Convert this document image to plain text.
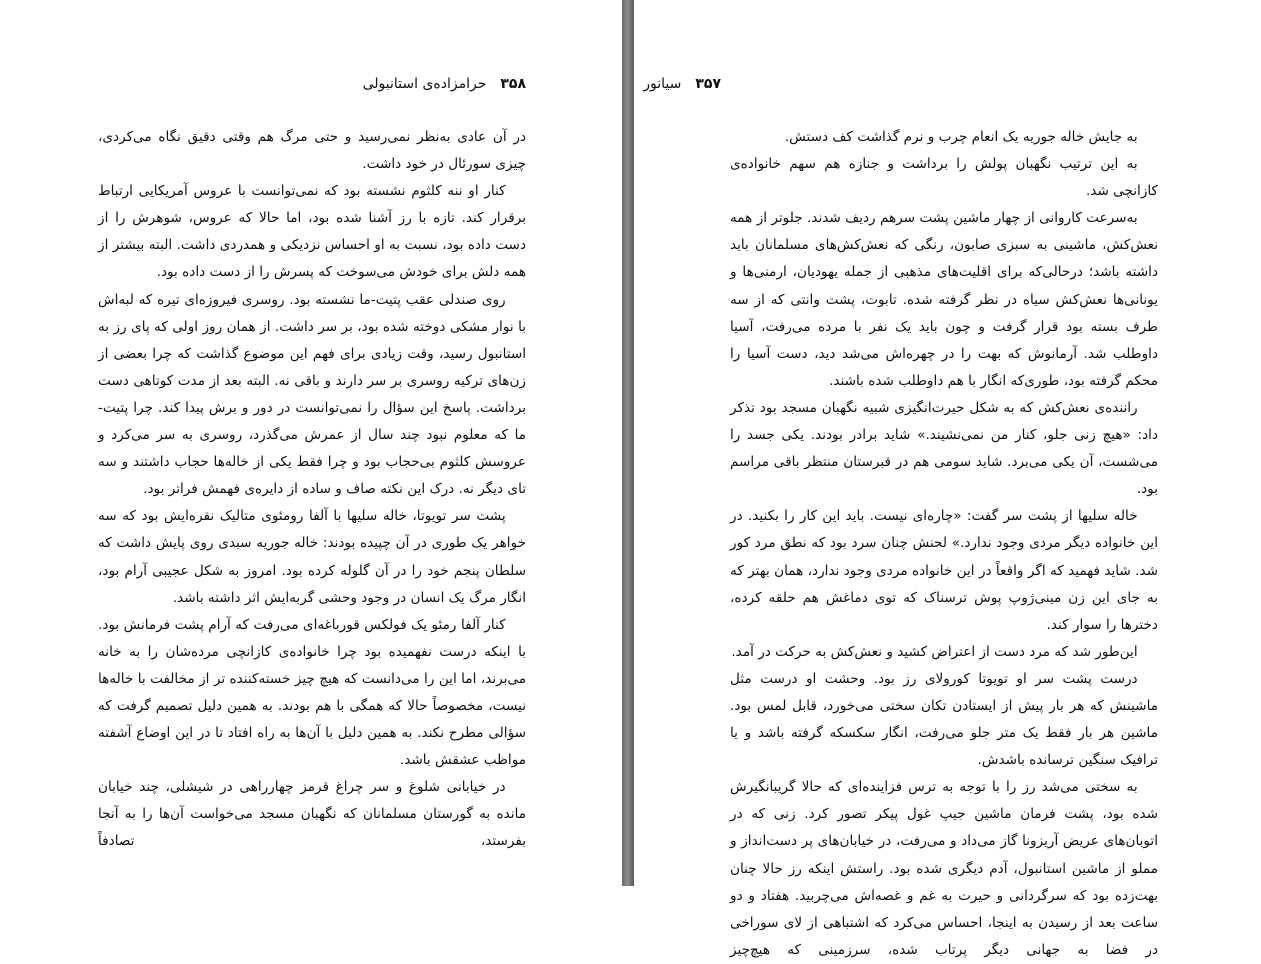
۳۵۸
حرامزاده‌ی استانبولی

در آن عادی به‌نظر نمی‌رسید و حتی مرگ هم وقتی دقیق نگاه می‌کردی، چیزی سورئال در خود داشت.

کنار او ننه کلثوم نشسته بود که نمی‌توانست با عروس آمریکایی ارتباط برقرار کند. تازه با رز آشنا شده بود، اما حالا که عروس، شوهرش را از دست داده بود، نسبت به او احساس نزدیکی و همدردی داشت. البته بیشتر از همه دلش برای خودش می‌سوخت که پسرش را از دست داده بود.

روی صندلی عقب پتیت-ما نشسته بود. روسری فیروزه‌ای تیره که لبه‌اش با نوار مشکی دوخته شده بود، بر سر داشت. از همان روز اولی که پای رز به استانبول رسید، وقت زیادی برای فهم این موضوع گذاشت که چرا بعضی از زن‌های ترکیه روسری بر سر دارند و باقی نه. البته بعد از مدت کوتاهی دست برداشت. پاسخ این سؤال را نمی‌توانست در دور و برش پیدا کند. چرا پتیت-ما که معلوم نبود چند سال از عمرش می‌گذرد، روسری به سر می‌کرد و عروسش کلثوم بی‌حجاب بود و چرا فقط یکی از خاله‌ها حجاب داشتند و سه تای دیگر نه. درک این نکته صاف و ساده از دایره‌ی فهمش فراتر بود.

پشت سر تویوتا، خاله سلیها با آلفا رومئوی متالیک نقره‌ایش بود که سه خواهر یک طوری در آن چپیده بودند: خاله جوریه سبدی روی پایش داشت که سلطان پنجم خود را در آن گلوله کرده بود. امروز به شکل عجیبی آرام بود، انگار مرگ یک انسان در وجود وحشی گربه‌ایش اثر داشته باشد.

کنار آلفا رمئو یک فولکس قورباغه‌ای می‌رفت که آرام پشت فرمانش بود. با اینکه درست نفهمیده بود چرا خانواده‌ی کازانچی مرده‌شان را به خانه می‌برند، اما این را می‌دانست که هیچ چیز خسته‌کننده تر از مخالفت با خاله‌ها نیست، مخصوصاً حالا که همگی با هم بودند. به همین دلیل تصمیم گرفت که سؤالی مطرح نکند. به همین دلیل با آن‌ها به راه افتاد تا در این اوضاع آشفته مواظب عشقش باشد.

در خیابانی شلوغ و سر چراغ قرمز چهارراهی در شیشلی، چند خیابان مانده به گورستان مسلمانان که نگهبان مسجد می‌خواست آن‌ها را به آنجا بفرستد، تصادفاً

۳۵۷
سیانور

به جایش خاله جوریه یک انعام چرب و نرم گذاشت کف دستش.

به این ترتیب نگهبان پولش را برداشت و جنازه هم سهم خانواده‌ی کازانچی شد.

به‌سرعت کاروانی از چهار ماشین پشت سرهم ردیف شدند. جلوتر از همه نعش‌کش، ماشینی به سبزی صابون، رنگی که نعش‌کش‌های مسلمانان باید داشته باشد؛ درحالی‌که برای اقلیت‌های مذهبی از جمله یهودیان، ارمنی‌ها و یونانی‌ها نعش‌کش سیاه در نظر گرفته شده. تابوت، پشت وانتی که از سه طرف بسته بود قرار گرفت و چون باید یک نفر با مرده می‌رفت، آسیا داوطلب شد. آرمانوش که بهت را در چهره‌اش می‌شد دید، دست آسیا را محکم گرفته بود، طوری‌که انگار با هم داوطلب شده باشند.

راننده‌ی نعش‌کش که به شکل حیرت‌انگیزی شبیه نگهبان مسجد بود تذکر داد: «هیچ زنی جلو، کنار من نمی‌نشیند.» شاید برادر بودند. یکی جسد را می‌شست، آن یکی می‌برد. شاید سومی هم در قبرستان منتظر باقی مراسم بود.

خاله سلیها از پشت سر گفت: «چاره‌ای نیست. باید این کار را بکنید. در این خانواده دیگر مردی وجود ندارد.» لحنش چنان سرد بود که نطق مرد کور شد. شاید فهمید که اگر واقعاً در این خانواده مردی وجود ندارد، همان بهتر که به جای این زن مینی‌ژوپ پوش ترسناک که توی دماغش هم حلقه کرده، دخترها را سوار کند.

این‌طور شد که مرد دست از اعتراض کشید و نعش‌کش به حرکت در آمد.

درست پشت سر او تویوتا کورولای رز بود. وحشت او درست مثل ماشینش که هر بار پیش از ایستادن تکان سختی می‌خورد، قابل لمس بود. ماشین هر بار فقط یک متر جلو می‌رفت، انگار سکسکه گرفته باشد و یا ترافیک سنگین ترسانده باشدش.

به سختی می‌شد رز را با توجه به ترس فزاینده‌ای که حالا گریبانگیرش شده بود، پشت فرمان ماشین جیپ غول پیکر تصور کرد. زنی که در اتوبان‌های عریض آریزونا گاز می‌داد و می‌رفت، در خیابان‌های پر دست‌انداز و مملو از ماشین استانبول، آدم دیگری شده بود. راستش اینکه رز حالا چنان بهت‌زده بود که سرگردانی و حیرت به غم و غصه‌اش می‌چربید. هفتاد و دو ساعت بعد از رسیدن به اینجا، احساس می‌کرد که اشتباهی از لای سوراخی در فضا به جهانی دیگر پرتاب شده، سرزمینی که هیچ‌چیز
